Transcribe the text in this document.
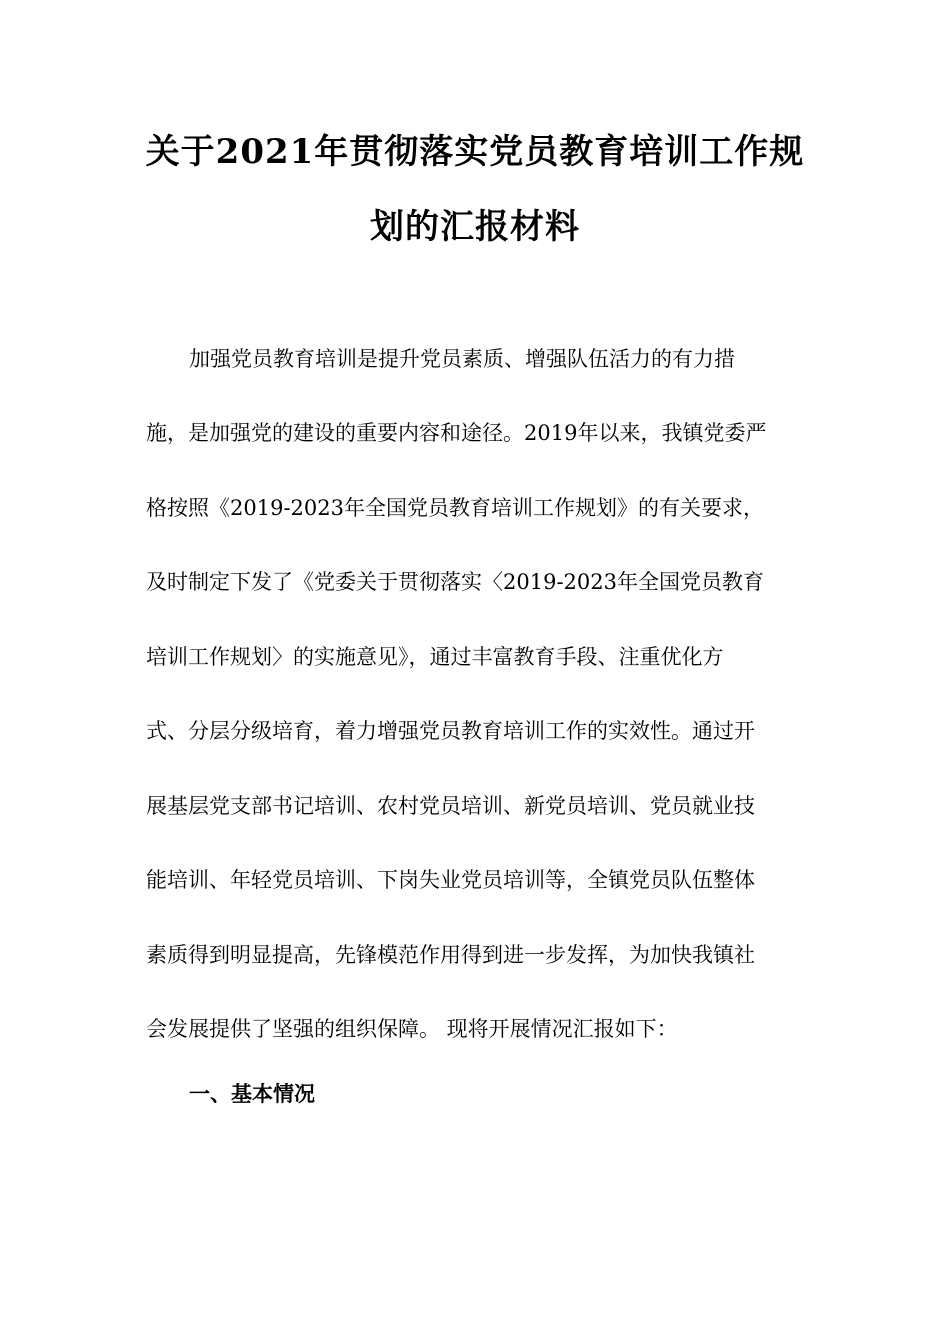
关于2021年贯彻落实党员教育培训工作规
划的汇报材料
加强党员教育培训是提升党员素质、增强队伍活力的有力措
施，是加强党的建设的重要内容和途径。2019年以来，我镇党委严
格按照《2019-2023年全国党员教育培训工作规划》的有关要求，
及时制定下发了《党委关于贯彻落实〈2019-2023年全国党员教育
培训工作规划〉的实施意见》，通过丰富教育手段、注重优化方
式、分层分级培育，着力增强党员教育培训工作的实效性。通过开
展基层党支部书记培训、农村党员培训、新党员培训、党员就业技
能培训、年轻党员培训、下岗失业党员培训等，全镇党员队伍整体
素质得到明显提高，先锋模范作用得到进一步发挥，为加快我镇社
会发展提供了坚强的组织保障。 现将开展情况汇报如下：
一、基本情况
